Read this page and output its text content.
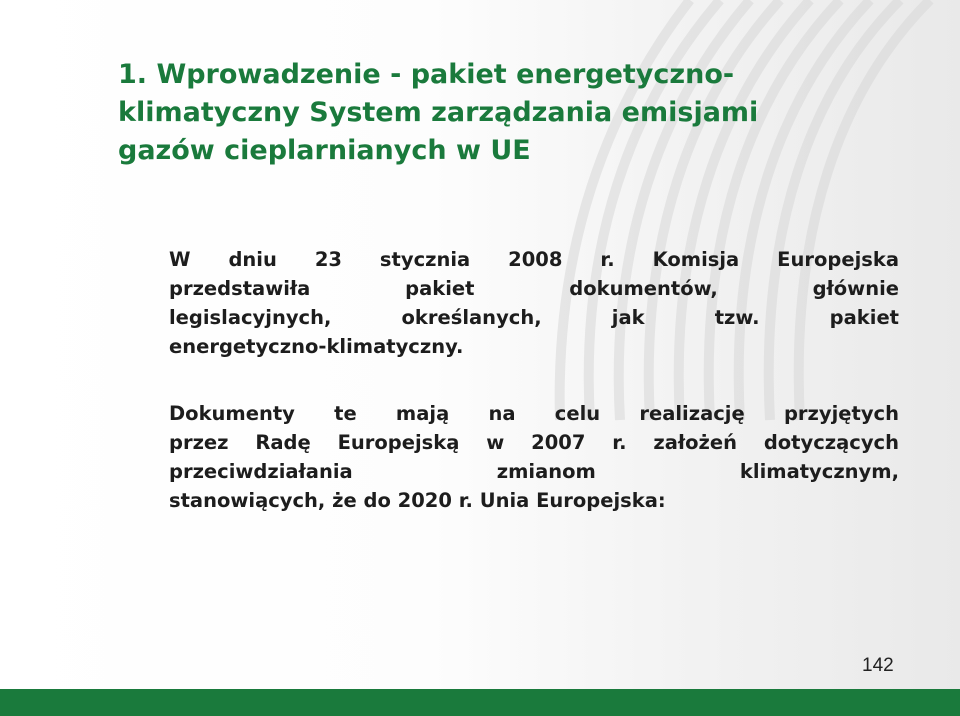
1. Wprowadzenie - pakiet energetyczno-
klimatyczny System zarządzania emisjami
gazów cieplarnianych w UE

W dniu 23 stycznia 2008 r. Komisja Europejska
przedstawiła pakiet dokumentów, głównie
legislacyjnych, określanych, jak tzw. pakiet
energetyczno-klimatyczny.

Dokumenty te mają na celu realizację przyjętych
przez Radę Europejską w 2007 r. założeń dotyczących
przeciwdziałania zmianom klimatycznym,
stanowiących, że do 2020 r. Unia Europejska:

142
